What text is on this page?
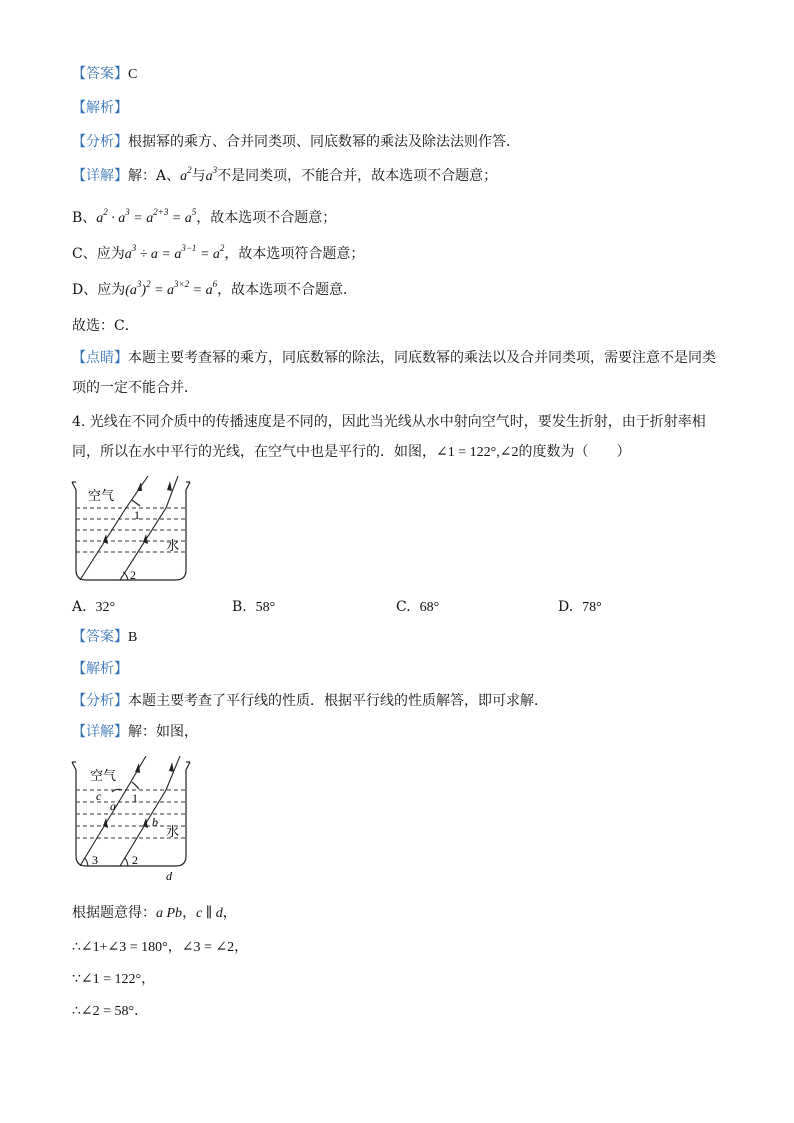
【答案】C
【解析】
【分析】根据幂的乘方、合并同类项、同底数幂的乘法及除法法则作答．
【详解】解：A、$a^2$与$a^3$不是同类项，不能合并，故本选项不合题意；
B、$a^2 \cdot a^3 = a^{2+3} = a^5$，故本选项不合题意；
C、应为$a^3 \div a = a^{3-1} = a^2$，故本选项符合题意；
D、应为$(a^3)^2 = a^{3\times 2} = a^6$，故本选项不合题意．
故选：C．
【点睛】本题主要考查幂的乘方，同底数幂的除法，同底数幂的乘法以及合并同类项，需要注意不是同类
项的一定不能合并．
4. 光线在不同介质中的传播速度是不同的，因此当光线从水中射向空气时，要发生折射，由于折射率相
同，所以在水中平行的光线，在空气中也是平行的．如图，∠1 = 122°,∠2的度数为（　　）
空气
水
1
2
A. 32°	B. 58°	C. 68°	D. 78°
【答案】B
【解析】
【分析】本题主要考查了平行线的性质．根据平行线的性质解答，即可求解．
【详解】解：如图，
空气
水
c
a
1
b
3	2
d
根据题意得：a Pb，c ∥ d，
∴∠1+∠3 = 180°，∠3 = ∠2，
∵∠1 = 122°，
∴∠2 = 58°．
